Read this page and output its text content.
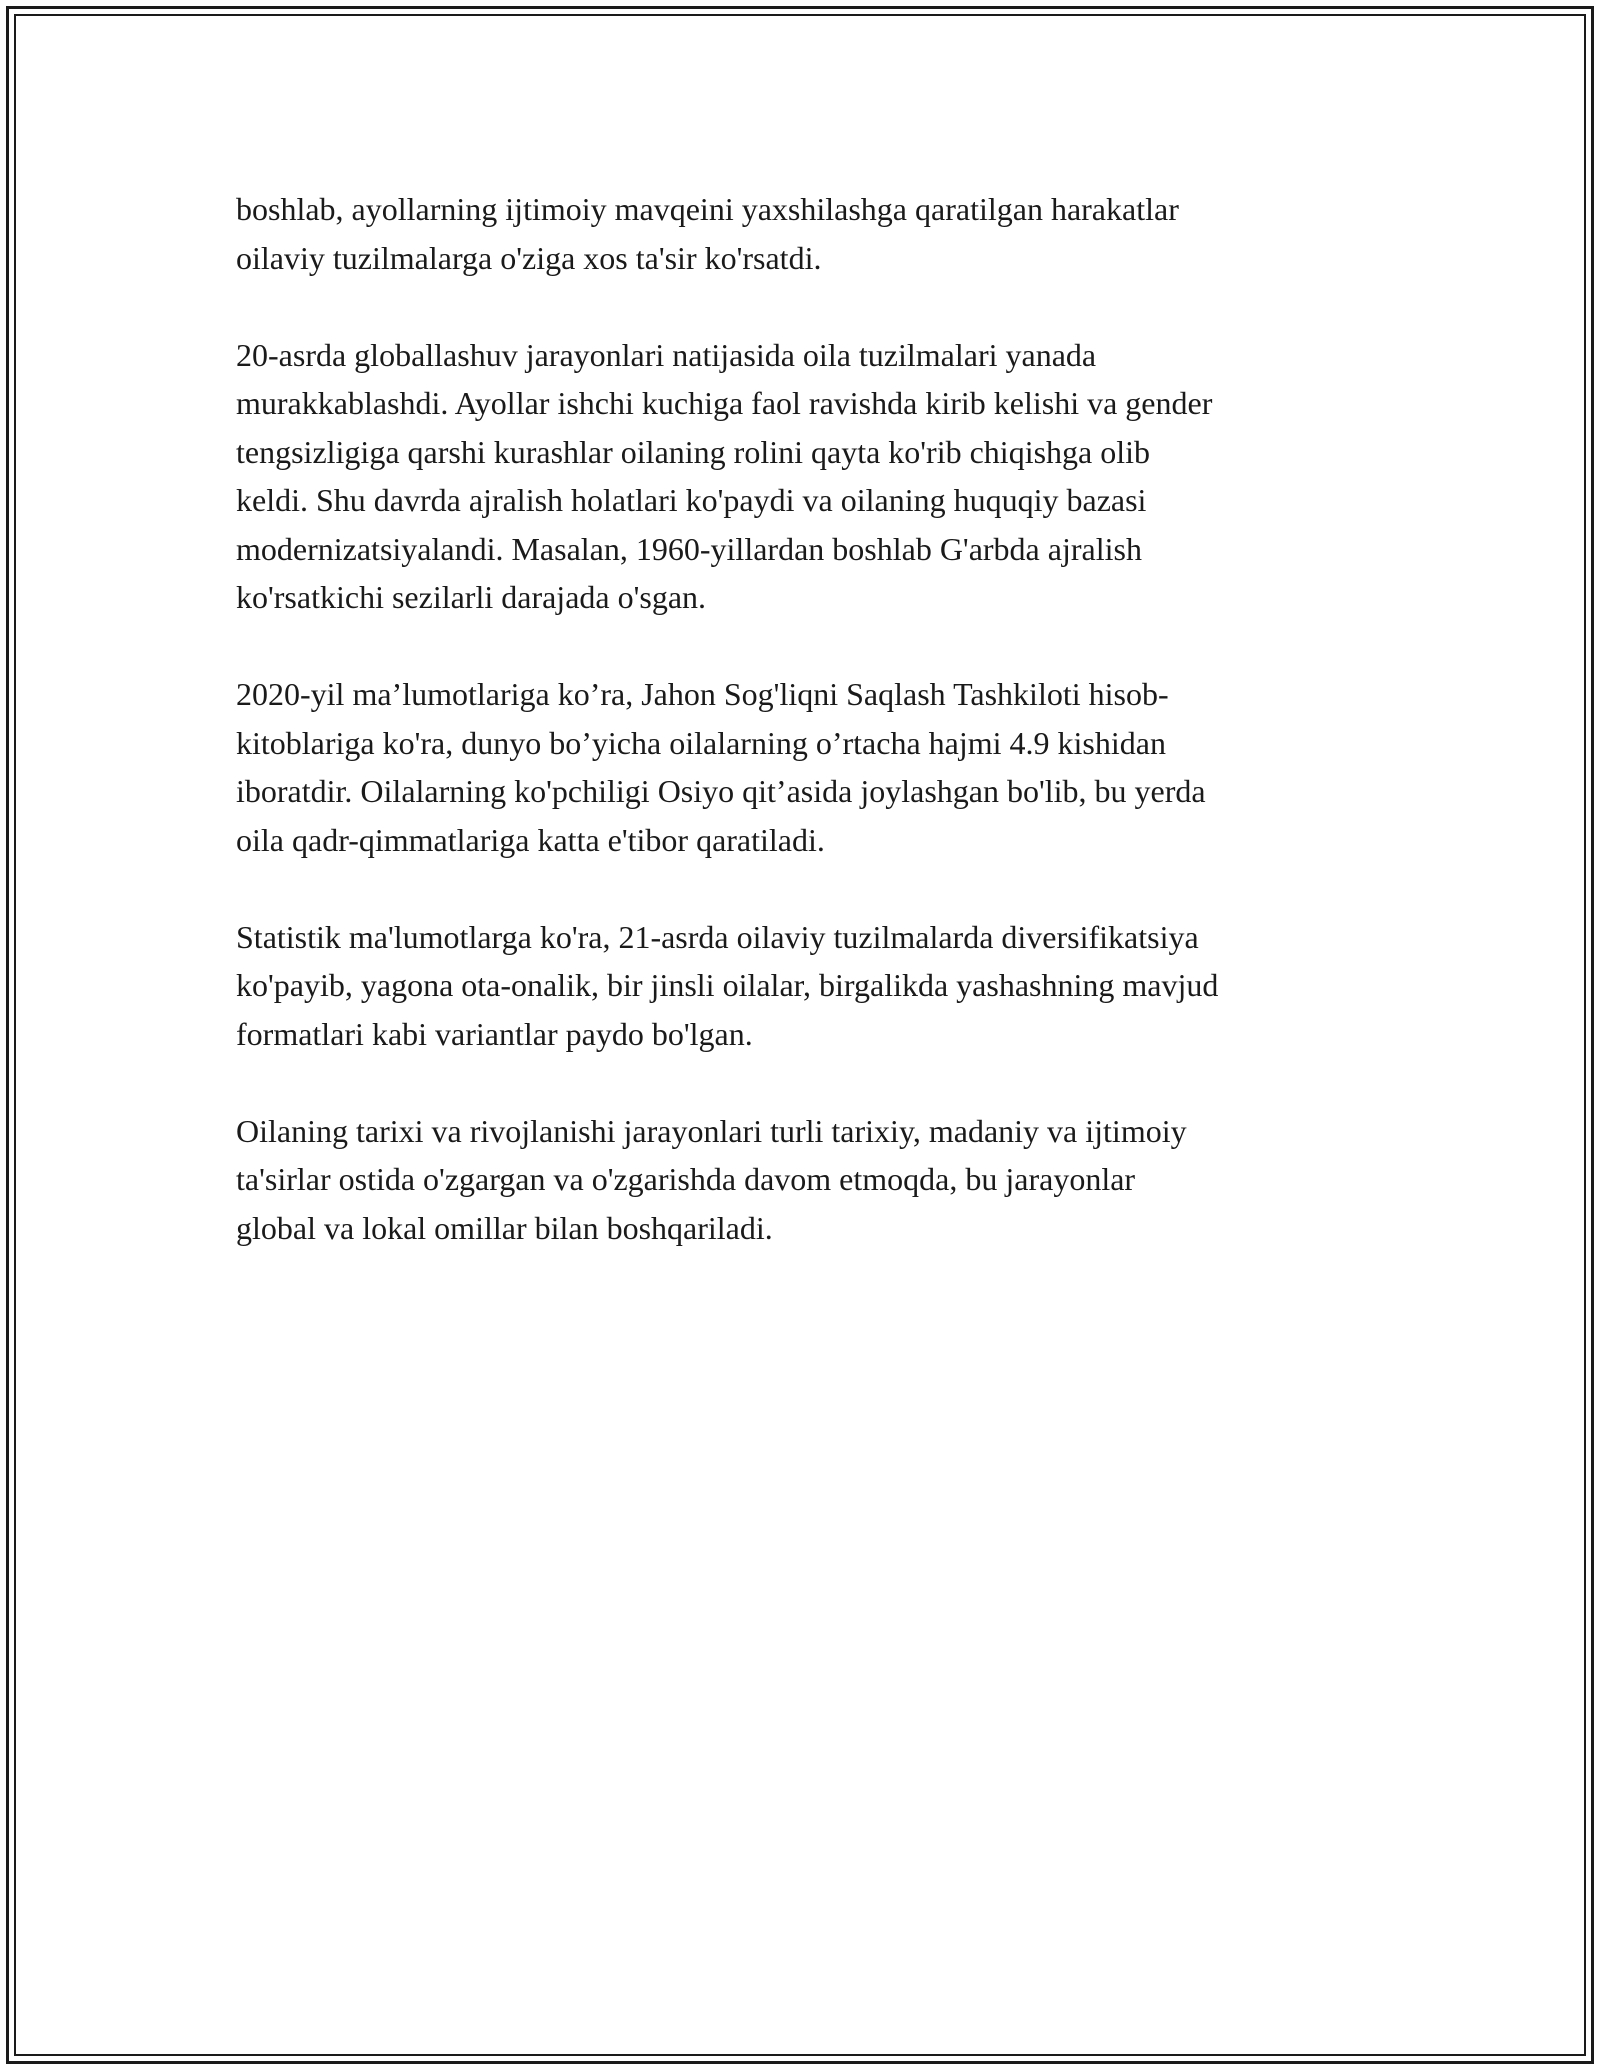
boshlab, ayollarning ijtimoiy mavqeini yaxshilashga qaratilgan harakatlar
oilaviy tuzilmalarga o'ziga xos ta'sir ko'rsatdi.

20-asrda globallashuv jarayonlari natijasida oila tuzilmalari yanada
murakkablashdi. Ayollar ishchi kuchiga faol ravishda kirib kelishi va gender
tengsizligiga qarshi kurashlar oilaning rolini qayta ko'rib chiqishga olib
keldi. Shu davrda ajralish holatlari ko'paydi va oilaning huquqiy bazasi
modernizatsiyalandi. Masalan, 1960-yillardan boshlab G'arbda ajralish
ko'rsatkichi sezilarli darajada o'sgan.

2020-yil ma’lumotlariga ko’ra, Jahon Sog'liqni Saqlash Tashkiloti hisob-
kitoblariga ko'ra, dunyo bo’yicha oilalarning o’rtacha hajmi 4.9 kishidan
iboratdir. Oilalarning ko'pchiligi Osiyo qit’asida joylashgan bo'lib, bu yerda
oila qadr-qimmatlariga katta e'tibor qaratiladi.

Statistik ma'lumotlarga ko'ra, 21-asrda oilaviy tuzilmalarda diversifikatsiya
ko'payib, yagona ota-onalik, bir jinsli oilalar, birgalikda yashashning mavjud
formatlari kabi variantlar paydo bo'lgan.

Oilaning tarixi va rivojlanishi jarayonlari turli tarixiy, madaniy va ijtimoiy
ta'sirlar ostida o'zgargan va o'zgarishda davom etmoqda, bu jarayonlar
global va lokal omillar bilan boshqariladi.
